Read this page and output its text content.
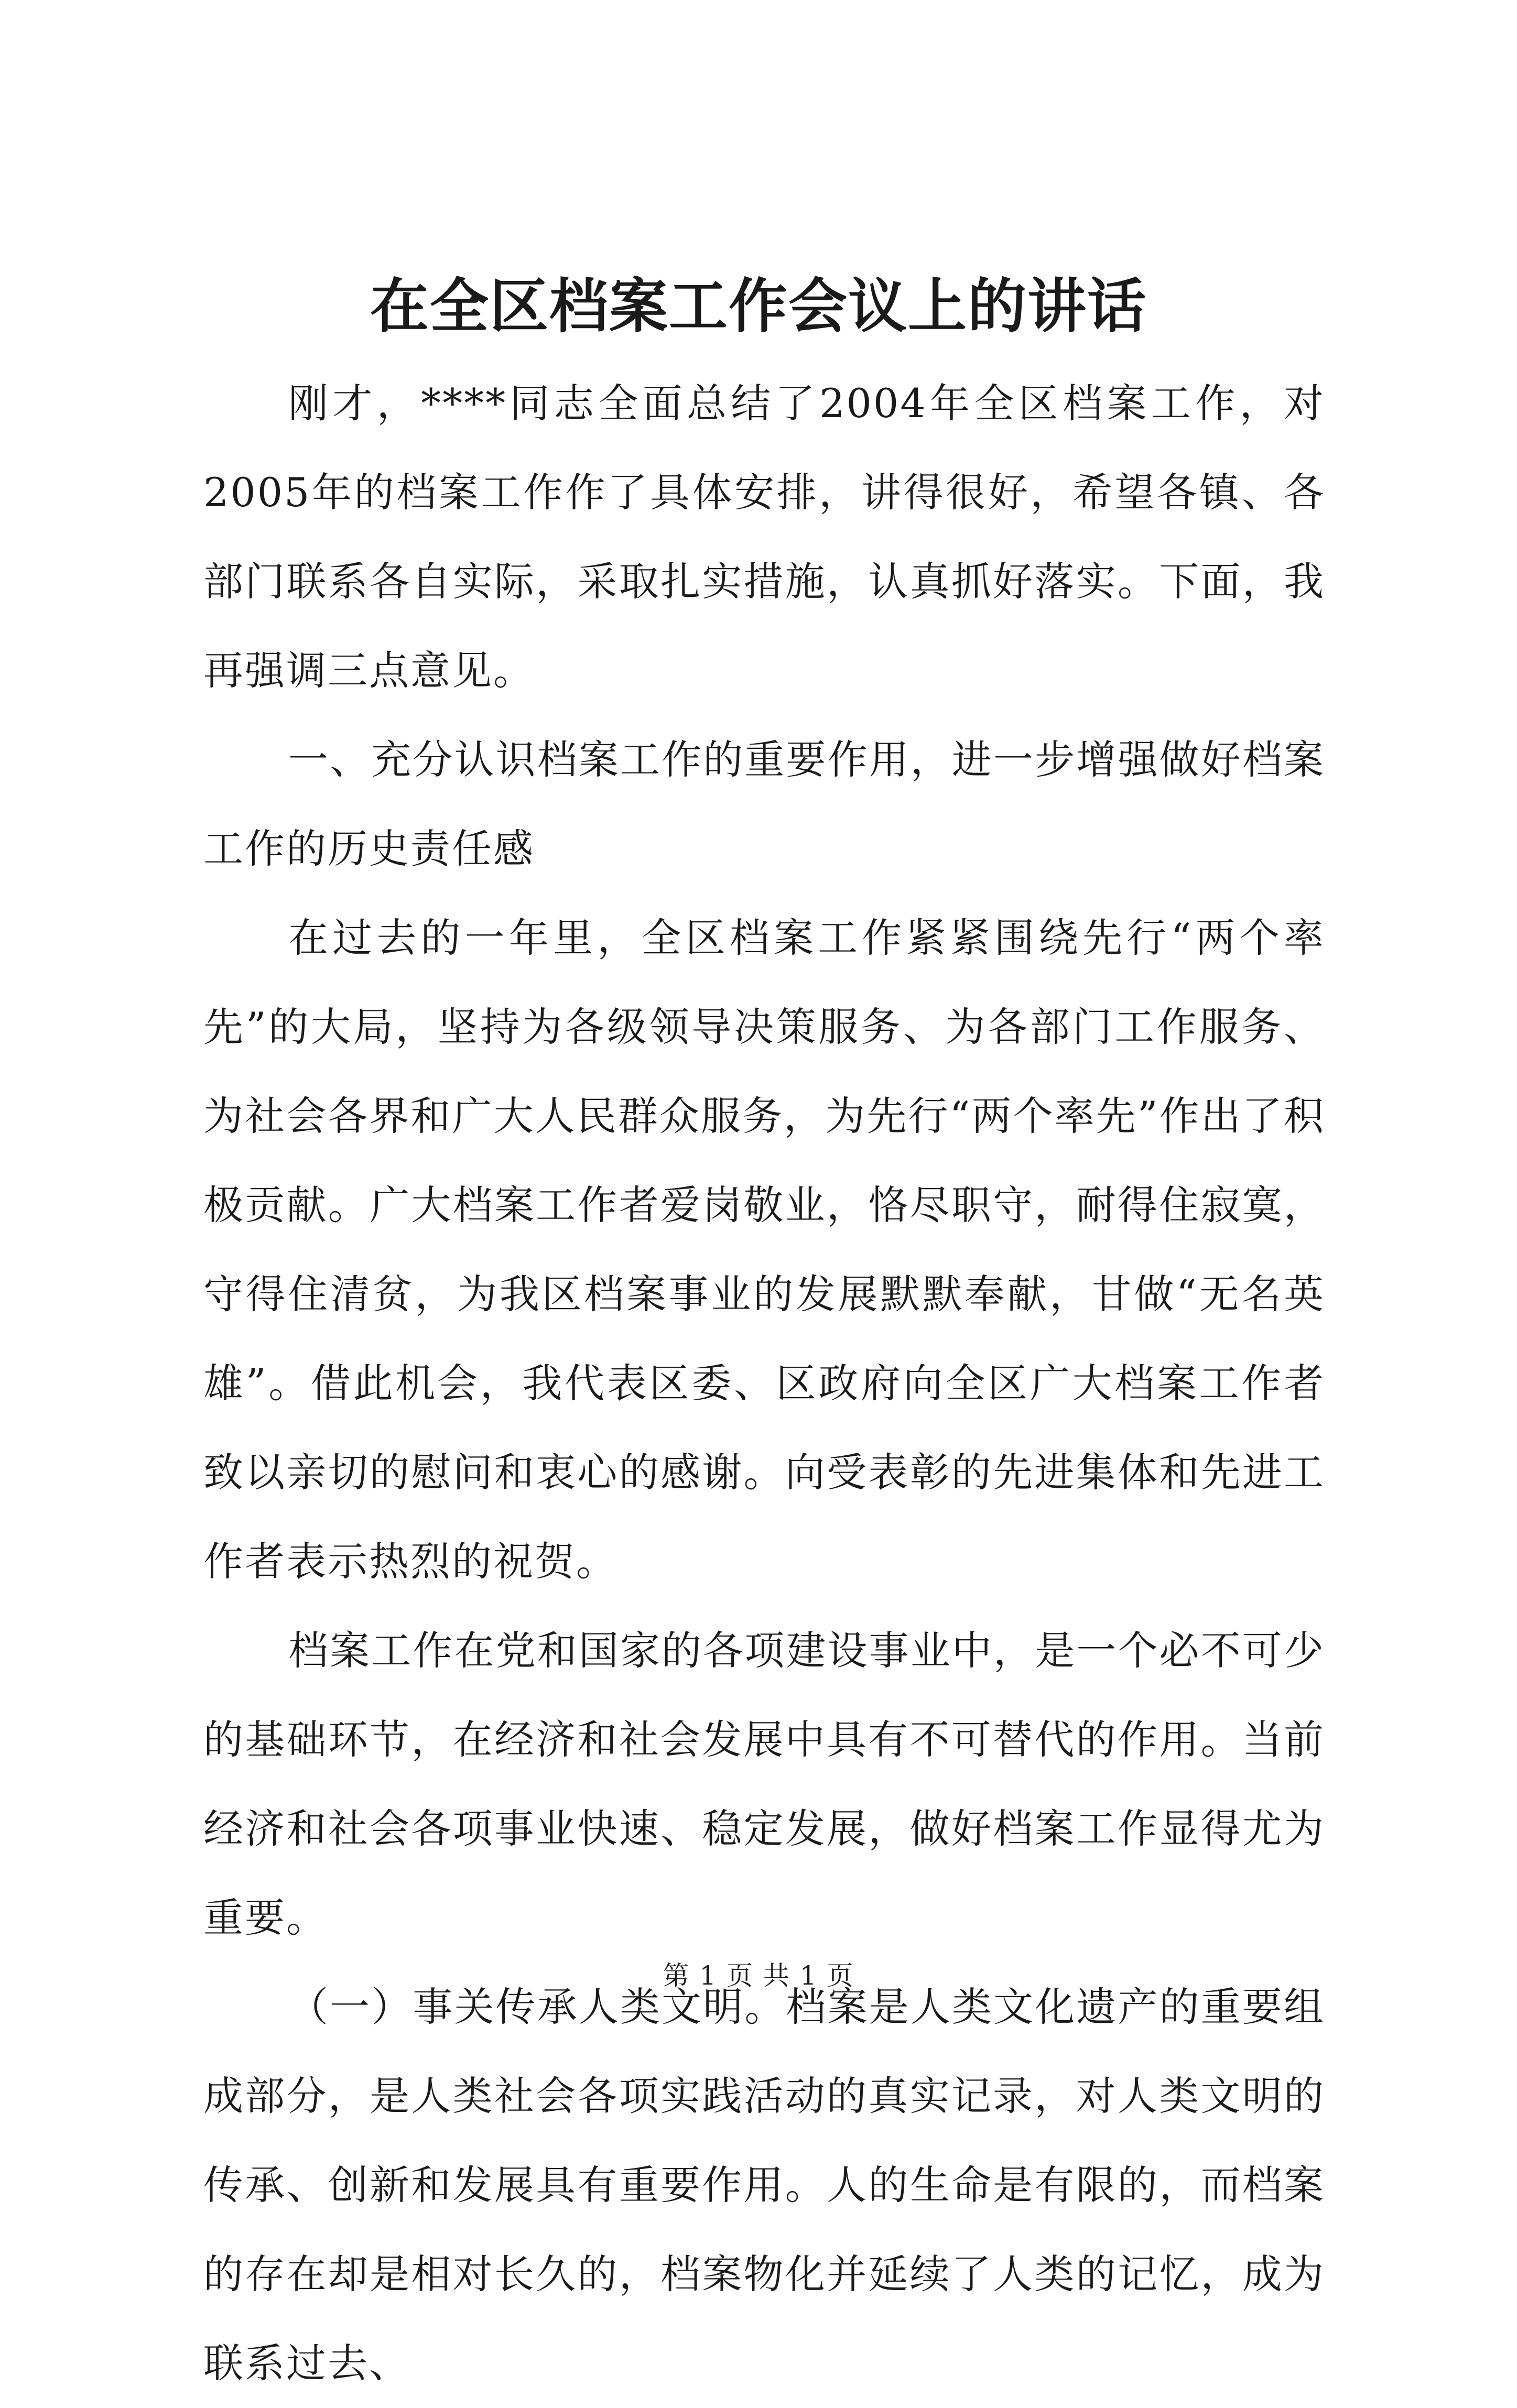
在全区档案工作会议上的讲话

刚才，****同志全面总结了2004年全区档案工作，对2005年的档案工作作了具体安排，讲得很好，希望各镇、各部门联系各自实际，采取扎实措施，认真抓好落实。下面，我再强调三点意见。

一、充分认识档案工作的重要作用，进一步增强做好档案工作的历史责任感

在过去的一年里，全区档案工作紧紧围绕先行“两个率先”的大局，坚持为各级领导决策服务、为各部门工作服务、为社会各界和广大人民群众服务，为先行“两个率先”作出了积极贡献。广大档案工作者爱岗敬业，恪尽职守，耐得住寂寞，守得住清贫，为我区档案事业的发展默默奉献，甘做“无名英雄”。借此机会，我代表区委、区政府向全区广大档案工作者致以亲切的慰问和衷心的感谢。向受表彰的先进集体和先进工作者表示热烈的祝贺。

档案工作在党和国家的各项建设事业中，是一个必不可少的基础环节，在经济和社会发展中具有不可替代的作用。当前经济和社会各项事业快速、稳定发展，做好档案工作显得尤为重要。

（一）事关传承人类文明。档案是人类文化遗产的重要组成部分，是人类社会各项实践活动的真实记录，对人类文明的传承、创新和发展具有重要作用。人的生命是有限的，而档案的存在却是相对长久的，档案物化并延续了人类的记忆，成为联系过去、

第 1 页 共 1 页
